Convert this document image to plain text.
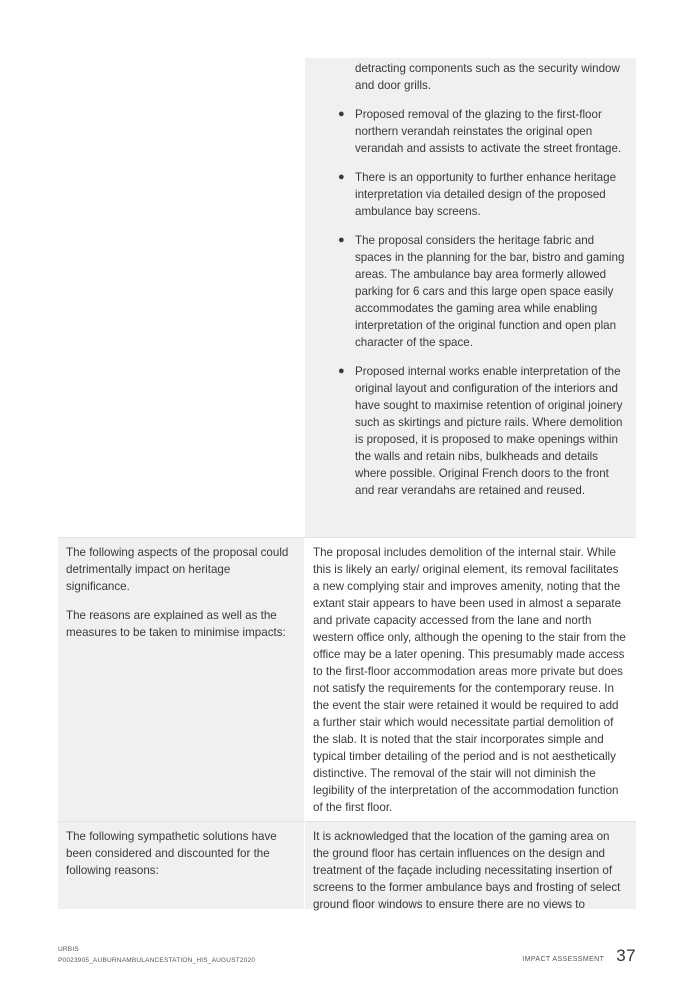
detracting components such as the security window and door grills.
● Proposed removal of the glazing to the first-floor northern verandah reinstates the original open verandah and assists to activate the street frontage.
● There is an opportunity to further enhance heritage interpretation via detailed design of the proposed ambulance bay screens.
● The proposal considers the heritage fabric and spaces in the planning for the bar, bistro and gaming areas. The ambulance bay area formerly allowed parking for 6 cars and this large open space easily accommodates the gaming area while enabling interpretation of the original function and open plan character of the space.
● Proposed internal works enable interpretation of the original layout and configuration of the interiors and have sought to maximise retention of original joinery such as skirtings and picture rails. Where demolition is proposed, it is proposed to make openings within the walls and retain nibs, bulkheads and details where possible. Original French doors to the front and rear verandahs are retained and reused.

The following aspects of the proposal could detrimentally impact on heritage significance.

The reasons are explained as well as the measures to be taken to minimise impacts:

The proposal includes demolition of the internal stair. While this is likely an early/ original element, its removal facilitates a new complying stair and improves amenity, noting that the extant stair appears to have been used in almost a separate and private capacity accessed from the lane and north western office only, although the opening to the stair from the office may be a later opening. This presumably made access to the first-floor accommodation areas more private but does not satisfy the requirements for the contemporary reuse. In the event the stair were retained it would be required to add a further stair which would necessitate partial demolition of the slab. It is noted that the stair incorporates simple and typical timber detailing of the period and is not aesthetically distinctive. The removal of the stair will not diminish the legibility of the interpretation of the accommodation function of the first floor.

The following sympathetic solutions have been considered and discounted for the following reasons:

It is acknowledged that the location of the gaming area on the ground floor has certain influences on the design and treatment of the façade including necessitating insertion of screens to the former ambulance bays and frosting of select ground floor windows to ensure there are no views to

URBIS
P0023905_AUBURNAMBULANCESTATION_HIS_AUGUST2020	IMPACT ASSESSMENT 37
